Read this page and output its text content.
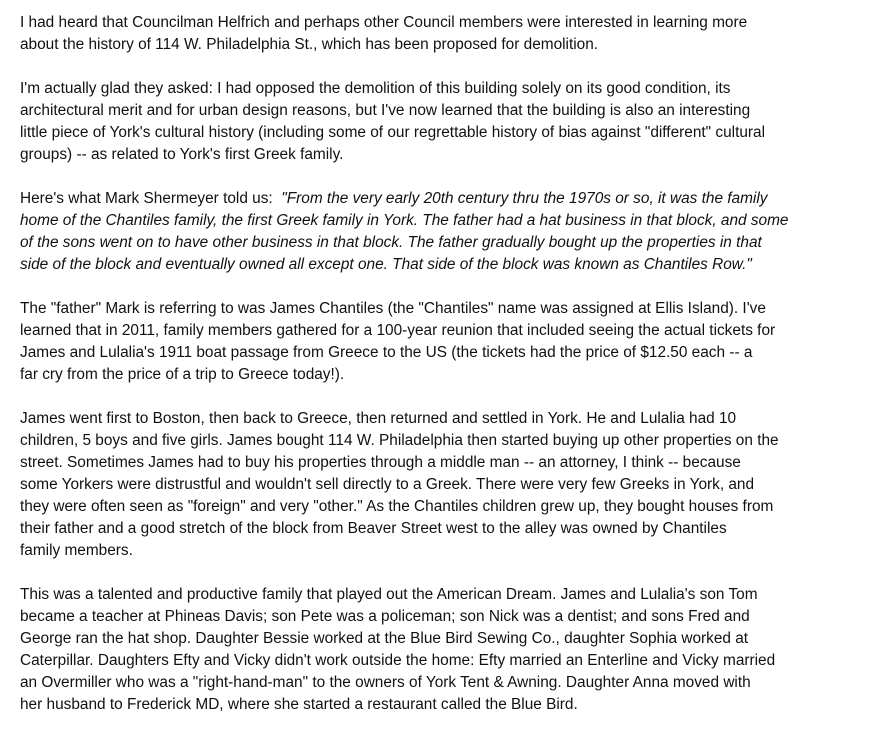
I had heard that Councilman Helfrich and perhaps other Council members were interested in learning more
about the history of 114 W. Philadelphia St., which has been proposed for demolition.

I'm actually glad they asked: I had opposed the demolition of this building solely on its good condition, its
architectural merit and for urban design reasons, but I've now learned that the building is also an interesting
little piece of York's cultural history (including some of our regrettable history of bias against "different" cultural
groups) -- as related to York's first Greek family.

Here's what Mark Shermeyer told us:  "From the very early 20th century thru the 1970s or so, it was the family
home of the Chantiles family, the first Greek family in York. The father had a hat business in that block, and some
of the sons went on to have other business in that block. The father gradually bought up the properties in that
side of the block and eventually owned all except one. That side of the block was known as Chantiles Row."

The "father" Mark is referring to was James Chantiles (the "Chantiles" name was assigned at Ellis Island). I've
learned that in 2011, family members gathered for a 100-year reunion that included seeing the actual tickets for
James and Lulalia's 1911 boat passage from Greece to the US (the tickets had the price of $12.50 each -- a
far cry from the price of a trip to Greece today!).

James went first to Boston, then back to Greece, then returned and settled in York. He and Lulalia had 10
children, 5 boys and five girls. James bought 114 W. Philadelphia then started buying up other properties on the
street. Sometimes James had to buy his properties through a middle man -- an attorney, I think -- because
some Yorkers were distrustful and wouldn't sell directly to a Greek. There were very few Greeks in York, and
they were often seen as "foreign" and very "other." As the Chantiles children grew up, they bought houses from
their father and a good stretch of the block from Beaver Street west to the alley was owned by Chantiles
family members.

This was a talented and productive family that played out the American Dream. James and Lulalia's son Tom
became a teacher at Phineas Davis; son Pete was a policeman; son Nick was a dentist; and sons Fred and
George ran the hat shop. Daughter Bessie worked at the Blue Bird Sewing Co., daughter Sophia worked at
Caterpillar. Daughters Efty and Vicky didn't work outside the home: Efty married an Enterline and Vicky married
an Overmiller who was a "right-hand-man" to the owners of York Tent & Awning. Daughter Anna moved with
her husband to Frederick MD, where she started a restaurant called the Blue Bird.
